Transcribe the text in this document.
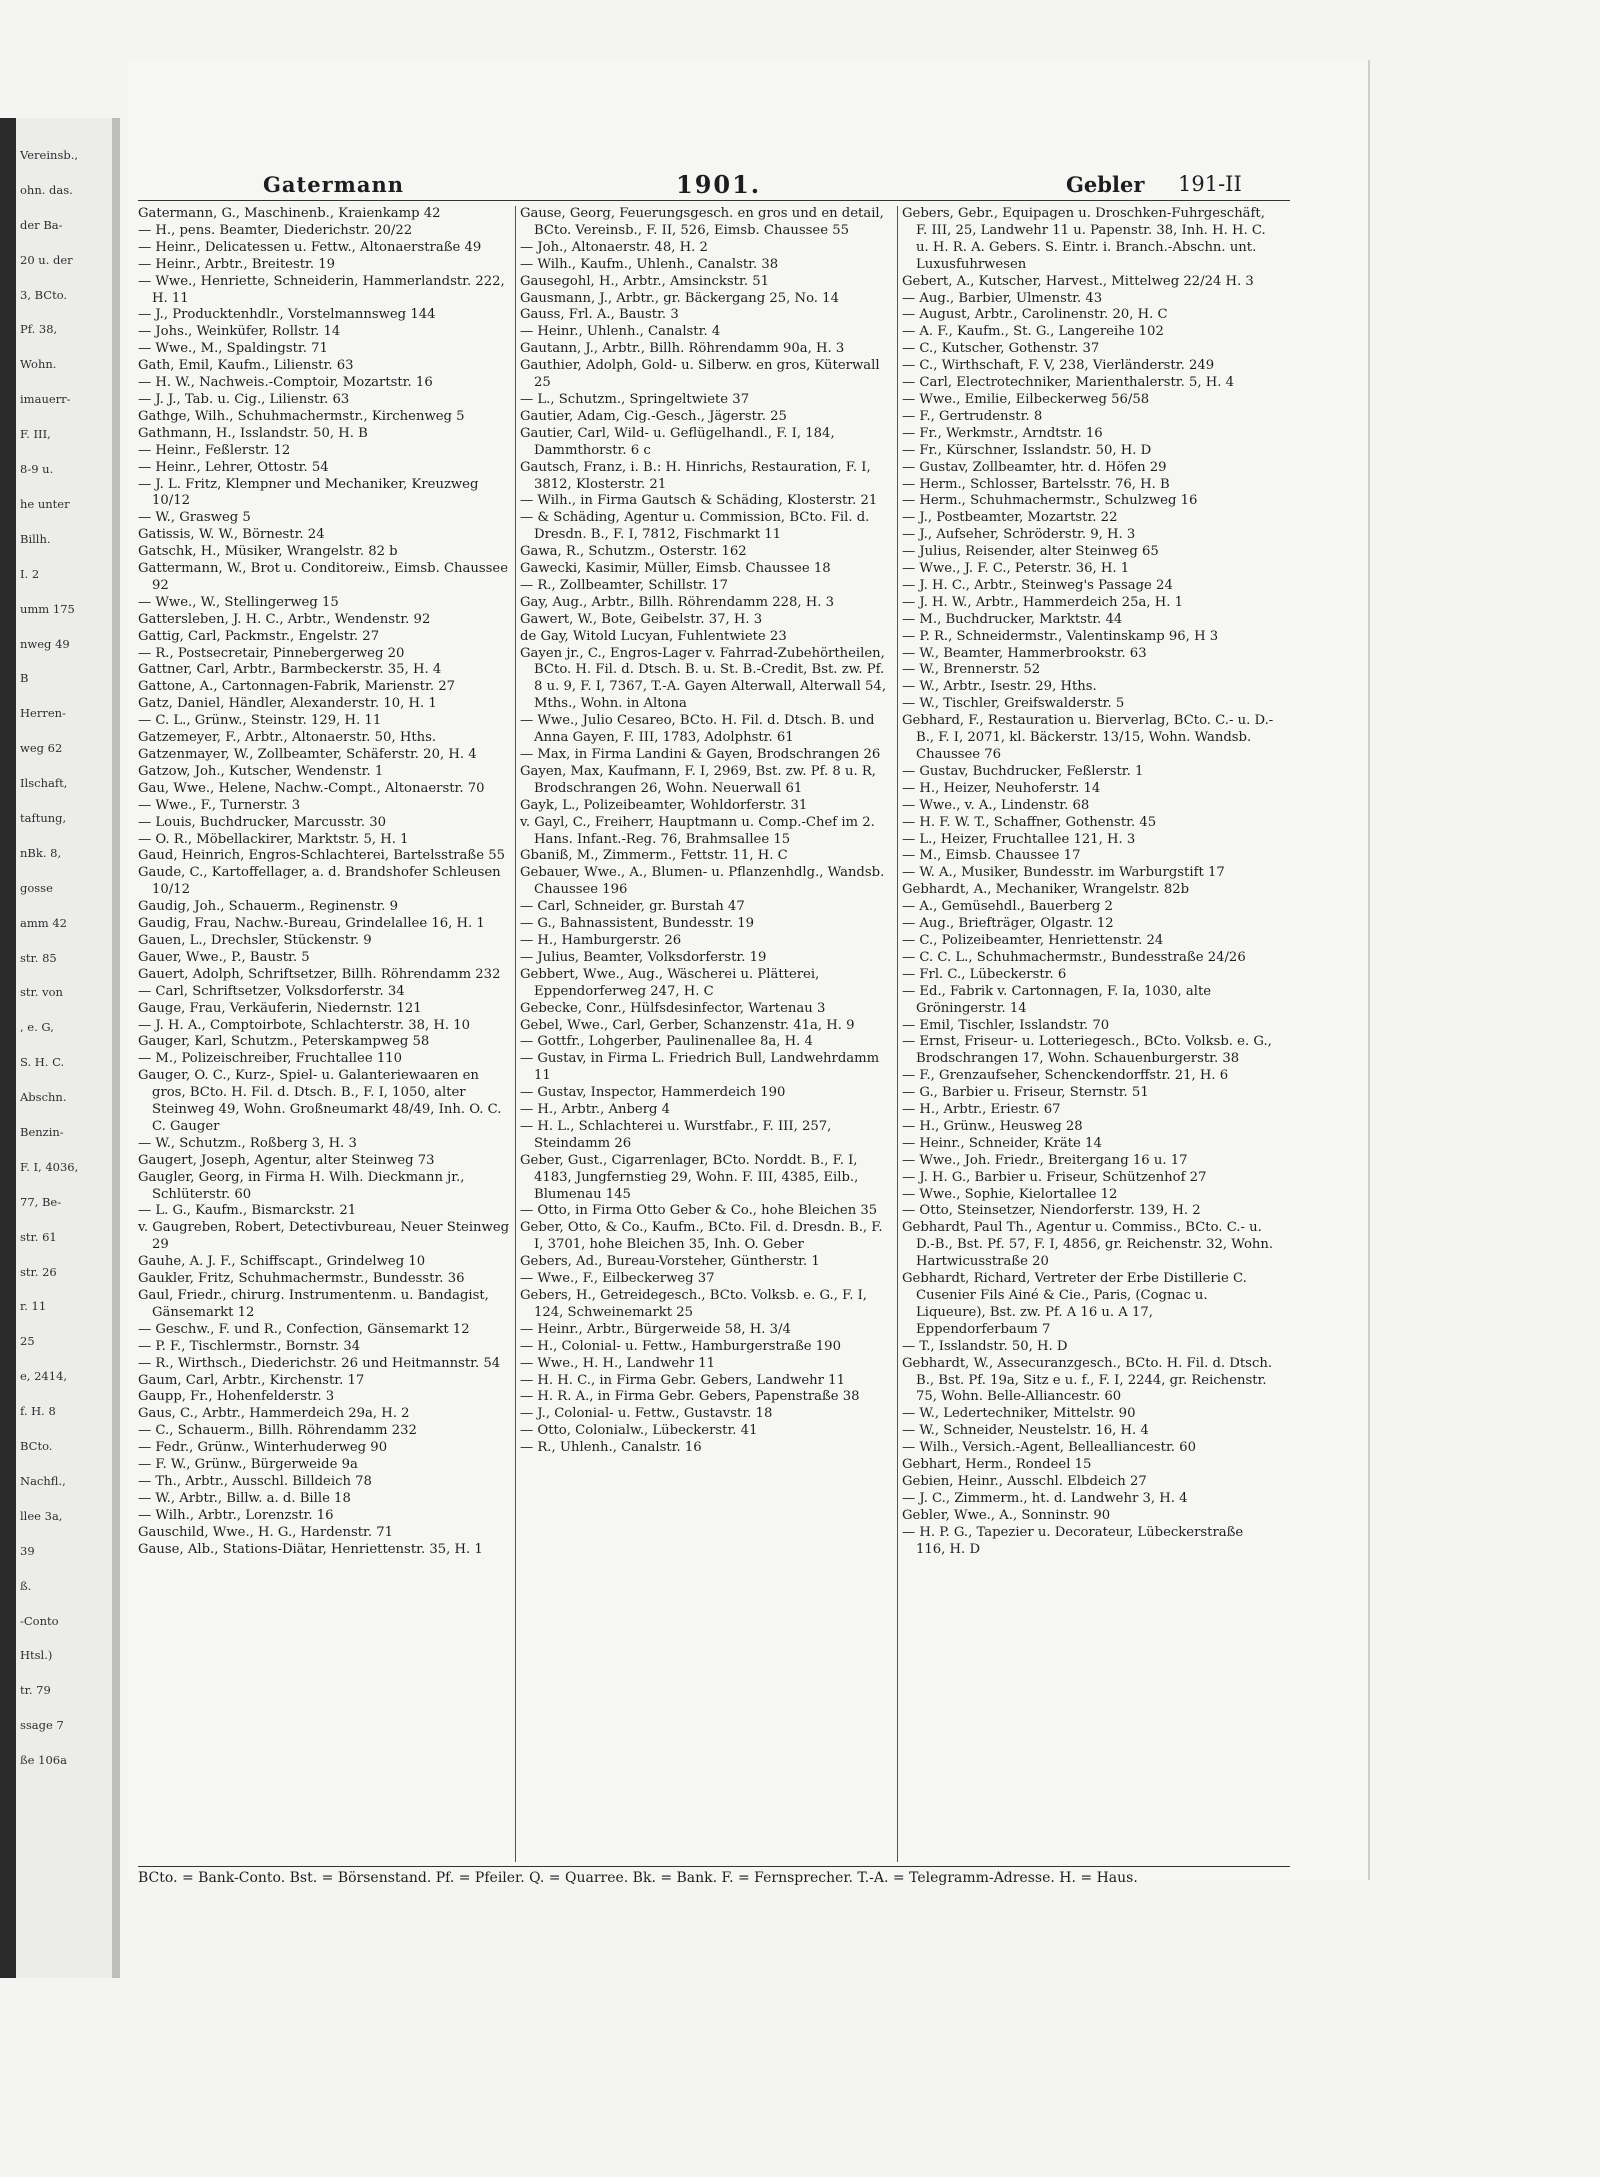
Vereinsb.,
ohn. das.
der Ba-
20 u. der
3, BCto.
Pf. 38,
Wohn.
imauerr-
F. III,
8-9 u.
he unter
Billh.
I. 2
umm 175
nweg 49
B
Herren-
weg 62
Ilschaft,
taftung,
nBk. 8,
gosse
amm 42
str. 85
str. von
, e. G,
S. H. C.
Abschn.
Benzin-
F. I, 4036,
77, Be-
str. 61
str. 26
r. 11
25
e, 2414,
f. H. 8
BCto.
Nachfl.,
llee 3a,
39
ß.
-Conto
Htsl.)
tr. 79
ssage 7
ße 106a
Gatermann	1901.	Gebler 191-II
Gatermann, G., Maschinenb., Kraienkamp 42
— H., pens. Beamter, Diederichstr. 20/22
— Heinr., Delicatessen u. Fettw., Altonaerstraße 49
— Heinr., Arbtr., Breitestr. 19
— Wwe., Henriette, Schneiderin, Hammerlandstr. 222, H. 11
— J., Producktenhdlr., Vorstelmannsweg 144
— Johs., Weinküfer, Rollstr. 14
— Wwe., M., Spaldingstr. 71
Gath, Emil, Kaufm., Lilienstr. 63
— H. W., Nachweis.-Comptoir, Mozartstr. 16
— J. J., Tab. u. Cig., Lilienstr. 63
Gathge, Wilh., Schuhmachermstr., Kirchenweg 5
Gathmann, H., Isslandstr. 50, H. B
— Heinr., Feßlerstr. 12
— Heinr., Lehrer, Ottostr. 54
— J. L. Fritz, Klempner und Mechaniker, Kreuzweg 10/12
— W., Grasweg 5
Gatissis, W. W., Börnestr. 24
Gatschk, H., Müsiker, Wrangelstr. 82 b
Gattermann, W., Brot u. Conditoreiw., Eimsb. Chaussee 92
— Wwe., W., Stellingerweg 15
Gattersleben, J. H. C., Arbtr., Wendenstr. 92
Gattig, Carl, Packmstr., Engelstr. 27
— R., Postsecretair, Pinnebergerweg 20
Gattner, Carl, Arbtr., Barmbeckerstr. 35, H. 4
Gattone, A., Cartonnagen-Fabrik, Marienstr. 27
Gatz, Daniel, Händler, Alexanderstr. 10, H. 1
— C. L., Grünw., Steinstr. 129, H. 11
Gatzemeyer, F., Arbtr., Altonaerstr. 50, Hths.
Gatzenmayer, W., Zollbeamter, Schäferstr. 20, H. 4
Gatzow, Joh., Kutscher, Wendenstr. 1
Gau, Wwe., Helene, Nachw.-Compt., Altonaerstr. 70
— Wwe., F., Turnerstr. 3
— Louis, Buchdrucker, Marcusstr. 30
— O. R., Möbellackirer, Marktstr. 5, H. 1
Gaud, Heinrich, Engros-Schlachterei, Bartelsstraße 55
Gaude, C., Kartoffellager, a. d. Brandshofer Schleusen 10/12
Gaudig, Joh., Schauerm., Reginenstr. 9
Gaudig, Frau, Nachw.-Bureau, Grindelallee 16, H. 1
Gauen, L., Drechsler, Stückenstr. 9
Gauer, Wwe., P., Baustr. 5
Gauert, Adolph, Schriftsetzer, Billh. Röhrendamm 232
— Carl, Schriftsetzer, Volksdorferstr. 34
Gauge, Frau, Verkäuferin, Niedernstr. 121
— J. H. A., Comptoirbote, Schlachterstr. 38, H. 10
Gauger, Karl, Schutzm., Peterskampweg 58
— M., Polizeischreiber, Fruchtallee 110
Gauger, O. C., Kurz-, Spiel- u. Galanteriewaaren en gros, BCto. H. Fil. d. Dtsch. B., F. I, 1050, alter Steinweg 49, Wohn. Großneumarkt 48/49, Inh. O. C. C. Gauger
— W., Schutzm., Roßberg 3, H. 3
Gaugert, Joseph, Agentur, alter Steinweg 73
Gaugler, Georg, in Firma H. Wilh. Dieckmann jr., Schlüterstr. 60
— L. G., Kaufm., Bismarckstr. 21
v. Gaugreben, Robert, Detectivbureau, Neuer Steinweg 29
Gauhe, A. J. F., Schiffscapt., Grindelweg 10
Gaukler, Fritz, Schuhmachermstr., Bundesstr. 36
Gaul, Friedr., chirurg. Instrumentenm. u. Bandagist, Gänsemarkt 12
— Geschw., F. und R., Confection, Gänsemarkt 12
— P. F., Tischlermstr., Bornstr. 34
— R., Wirthsch., Diederichstr. 26 und Heitmannstr. 54
Gaum, Carl, Arbtr., Kirchenstr. 17
Gaupp, Fr., Hohenfelderstr. 3
Gaus, C., Arbtr., Hammerdeich 29a, H. 2
— C., Schauerm., Billh. Röhrendamm 232
— Fedr., Grünw., Winterhuderweg 90
— F. W., Grünw., Bürgerweide 9a
— Th., Arbtr., Ausschl. Billdeich 78
— W., Arbtr., Billw. a. d. Bille 18
— Wilh., Arbtr., Lorenzstr. 16
Gauschild, Wwe., H. G., Hardenstr. 71
Gause, Alb., Stations-Diätar, Henriettenstr. 35, H. 1
Gause, Georg, Feuerungsgesch. en gros und en detail, BCto. Vereinsb., F. II, 526, Eimsb. Chaussee 55
— Joh., Altonaerstr. 48, H. 2
— Wilh., Kaufm., Uhlenh., Canalstr. 38
Gausegohl, H., Arbtr., Amsinckstr. 51
Gausmann, J., Arbtr., gr. Bäckergang 25, No. 14
Gauss, Frl. A., Baustr. 3
— Heinr., Uhlenh., Canalstr. 4
Gautann, J., Arbtr., Billh. Röhrendamm 90a, H. 3
Gauthier, Adolph, Gold- u. Silberw. en gros, Küterwall 25
— L., Schutzm., Springeltwiete 37
Gautier, Adam, Cig.-Gesch., Jägerstr. 25
Gautier, Carl, Wild- u. Geflügelhandl., F. I, 184, Dammthorstr. 6 c
Gautsch, Franz, i. B.: H. Hinrichs, Restauration, F. I, 3812, Klosterstr. 21
— Wilh., in Firma Gautsch & Schäding, Klosterstr. 21
— & Schäding, Agentur u. Commission, BCto. Fil. d. Dresdn. B., F. I, 7812, Fischmarkt 11
Gawa, R., Schutzm., Osterstr. 162
Gawecki, Kasimir, Müller, Eimsb. Chaussee 18
— R., Zollbeamter, Schillstr. 17
Gay, Aug., Arbtr., Billh. Röhrendamm 228, H. 3
Gawert, W., Bote, Geibelstr. 37, H. 3
de Gay, Witold Lucyan, Fuhlentwiete 23
Gayen jr., C., Engros-Lager v. Fahrrad-Zubehörtheilen, BCto. H. Fil. d. Dtsch. B. u. St. B.-Credit, Bst. zw. Pf. 8 u. 9, F. I, 7367, T.-A. Gayen Alterwall, Alterwall 54, Mths., Wohn. in Altona
— Wwe., Julio Cesareo, BCto. H. Fil. d. Dtsch. B. und Anna Gayen, F. III, 1783, Adolphstr. 61
— Max, in Firma Landini & Gayen, Brodschrangen 26
Gayen, Max, Kaufmann, F. I, 2969, Bst. zw. Pf. 8 u. R, Brodschrangen 26, Wohn. Neuerwall 61
Gayk, L., Polizeibeamter, Wohldorferstr. 31
v. Gayl, C., Freiherr, Hauptmann u. Comp.-Chef im 2. Hans. Infant.-Reg. 76, Brahmsallee 15
Gbaniß, M., Zimmerm., Fettstr. 11, H. C
Gebauer, Wwe., A., Blumen- u. Pflanzenhdlg., Wandsb. Chaussee 196
— Carl, Schneider, gr. Burstah 47
— G., Bahnassistent, Bundesstr. 19
— H., Hamburgerstr. 26
— Julius, Beamter, Volksdorferstr. 19
Gebbert, Wwe., Aug., Wäscherei u. Plätterei, Eppendorferweg 247, H. C
Gebecke, Conr., Hülfsdesinfector, Wartenau 3
Gebel, Wwe., Carl, Gerber, Schanzenstr. 41a, H. 9
— Gottfr., Lohgerber, Paulinenallee 8a, H. 4
— Gustav, in Firma L. Friedrich Bull, Landwehrdamm 11
— Gustav, Inspector, Hammerdeich 190
— H., Arbtr., Anberg 4
— H. L., Schlachterei u. Wurstfabr., F. III, 257, Steindamm 26
Geber, Gust., Cigarrenlager, BCto. Norddt. B., F. I, 4183, Jungfernstieg 29, Wohn. F. III, 4385, Eilb., Blumenau 145
— Otto, in Firma Otto Geber & Co., hohe Bleichen 35
Geber, Otto, & Co., Kaufm., BCto. Fil. d. Dresdn. B., F. I, 3701, hohe Bleichen 35, Inh. O. Geber
Gebers, Ad., Bureau-Vorsteher, Güntherstr. 1
— Wwe., F., Eilbeckerweg 37
Gebers, H., Getreidegesch., BCto. Volksb. e. G., F. I, 124, Schweinemarkt 25
— Heinr., Arbtr., Bürgerweide 58, H. 3/4
— H., Colonial- u. Fettw., Hamburgerstraße 190
— Wwe., H. H., Landwehr 11
— H. H. C., in Firma Gebr. Gebers, Landwehr 11
— H. R. A., in Firma Gebr. Gebers, Papenstraße 38
— J., Colonial- u. Fettw., Gustavstr. 18
— Otto, Colonialw., Lübeckerstr. 41
— R., Uhlenh., Canalstr. 16
Gebers, Gebr., Equipagen u. Droschken-Fuhrgeschäft, F. III, 25, Landwehr 11 u. Papenstr. 38, Inh. H. H. C. u. H. R. A. Gebers. S. Eintr. i. Branch.-Abschn. unt. Luxusfuhrwesen
Gebert, A., Kutscher, Harvest., Mittelweg 22/24 H. 3
— Aug., Barbier, Ulmenstr. 43
— August, Arbtr., Carolinenstr. 20, H. C
— A. F., Kaufm., St. G., Langereihe 102
— C., Kutscher, Gothenstr. 37
— C., Wirthschaft, F. V, 238, Vierländerstr. 249
— Carl, Electrotechniker, Marienthalerstr. 5, H. 4
— Wwe., Emilie, Eilbeckerweg 56/58
— F., Gertrudenstr. 8
— Fr., Werkmstr., Arndtstr. 16
— Fr., Kürschner, Isslandstr. 50, H. D
— Gustav, Zollbeamter, htr. d. Höfen 29
— Herm., Schlosser, Bartelsstr. 76, H. B
— Herm., Schuhmachermstr., Schulzweg 16
— J., Postbeamter, Mozartstr. 22
— J., Aufseher, Schröderstr. 9, H. 3
— Julius, Reisender, alter Steinweg 65
— Wwe., J. F. C., Peterstr. 36, H. 1
— J. H. C., Arbtr., Steinweg's Passage 24
— J. H. W., Arbtr., Hammerdeich 25a, H. 1
— M., Buchdrucker, Marktstr. 44
— P. R., Schneidermstr., Valentinskamp 96, H 3
— W., Beamter, Hammerbrookstr. 63
— W., Brennerstr. 52
— W., Arbtr., Isestr. 29, Hths.
— W., Tischler, Greifswalderstr. 5
Gebhard, F., Restauration u. Bierverlag, BCto. C.- u. D.-B., F. I, 2071, kl. Bäckerstr. 13/15, Wohn. Wandsb. Chaussee 76
— Gustav, Buchdrucker, Feßlerstr. 1
— H., Heizer, Neuhoferstr. 14
— Wwe., v. A., Lindenstr. 68
— H. F. W. T., Schaffner, Gothenstr. 45
— L., Heizer, Fruchtallee 121, H. 3
— M., Eimsb. Chaussee 17
— W. A., Musiker, Bundesstr. im Warburgstift 17
Gebhardt, A., Mechaniker, Wrangelstr. 82b
— A., Gemüsehdl., Bauerberg 2
— Aug., Briefträger, Olgastr. 12
— C., Polizeibeamter, Henriettenstr. 24
— C. C. L., Schuhmachermstr., Bundesstraße 24/26
— Frl. C., Lübeckerstr. 6
— Ed., Fabrik v. Cartonnagen, F. Ia, 1030, alte Gröningerstr. 14
— Emil, Tischler, Isslandstr. 70
— Ernst, Friseur- u. Lotteriegesch., BCto. Volksb. e. G., Brodschrangen 17, Wohn. Schauenburgerstr. 38
— F., Grenzaufseher, Schenckendorffstr. 21, H. 6
— G., Barbier u. Friseur, Sternstr. 51
— H., Arbtr., Eriestr. 67
— H., Grünw., Heusweg 28
— Heinr., Schneider, Kräte 14
— Wwe., Joh. Friedr., Breitergang 16 u. 17
— J. H. G., Barbier u. Friseur, Schützenhof 27
— Wwe., Sophie, Kielortallee 12
— Otto, Steinsetzer, Niendorferstr. 139, H. 2
Gebhardt, Paul Th., Agentur u. Commiss., BCto. C.- u. D.-B., Bst. Pf. 57, F. I, 4856, gr. Reichenstr. 32, Wohn. Hartwicusstraße 20
Gebhardt, Richard, Vertreter der Erbe Distillerie C. Cusenier Fils Ainé & Cie., Paris, (Cognac u. Liqueure), Bst. zw. Pf. A 16 u. A 17, Eppendorferbaum 7
— T., Isslandstr. 50, H. D
Gebhardt, W., Assecuranzgesch., BCto. H. Fil. d. Dtsch. B., Bst. Pf. 19a, Sitz e u. f., F. I, 2244, gr. Reichenstr. 75, Wohn. Belle-Alliancestr. 60
— W., Ledertechniker, Mittelstr. 90
— W., Schneider, Neustelstr. 16, H. 4
— Wilh., Versich.-Agent, Bellealliancestr. 60
Gebhart, Herm., Rondeel 15
Gebien, Heinr., Ausschl. Elbdeich 27
— J. C., Zimmerm., ht. d. Landwehr 3, H. 4
Gebler, Wwe., A., Sonninstr. 90
— H. P. G., Tapezier u. Decorateur, Lübeckerstraße 116, H. D
BCto. = Bank-Conto. Bst. = Börsenstand. Pf. = Pfeiler. Q. = Quarree. Bk. = Bank. F. = Fernsprecher. T.-A. = Telegramm-Adresse. H. = Haus.
